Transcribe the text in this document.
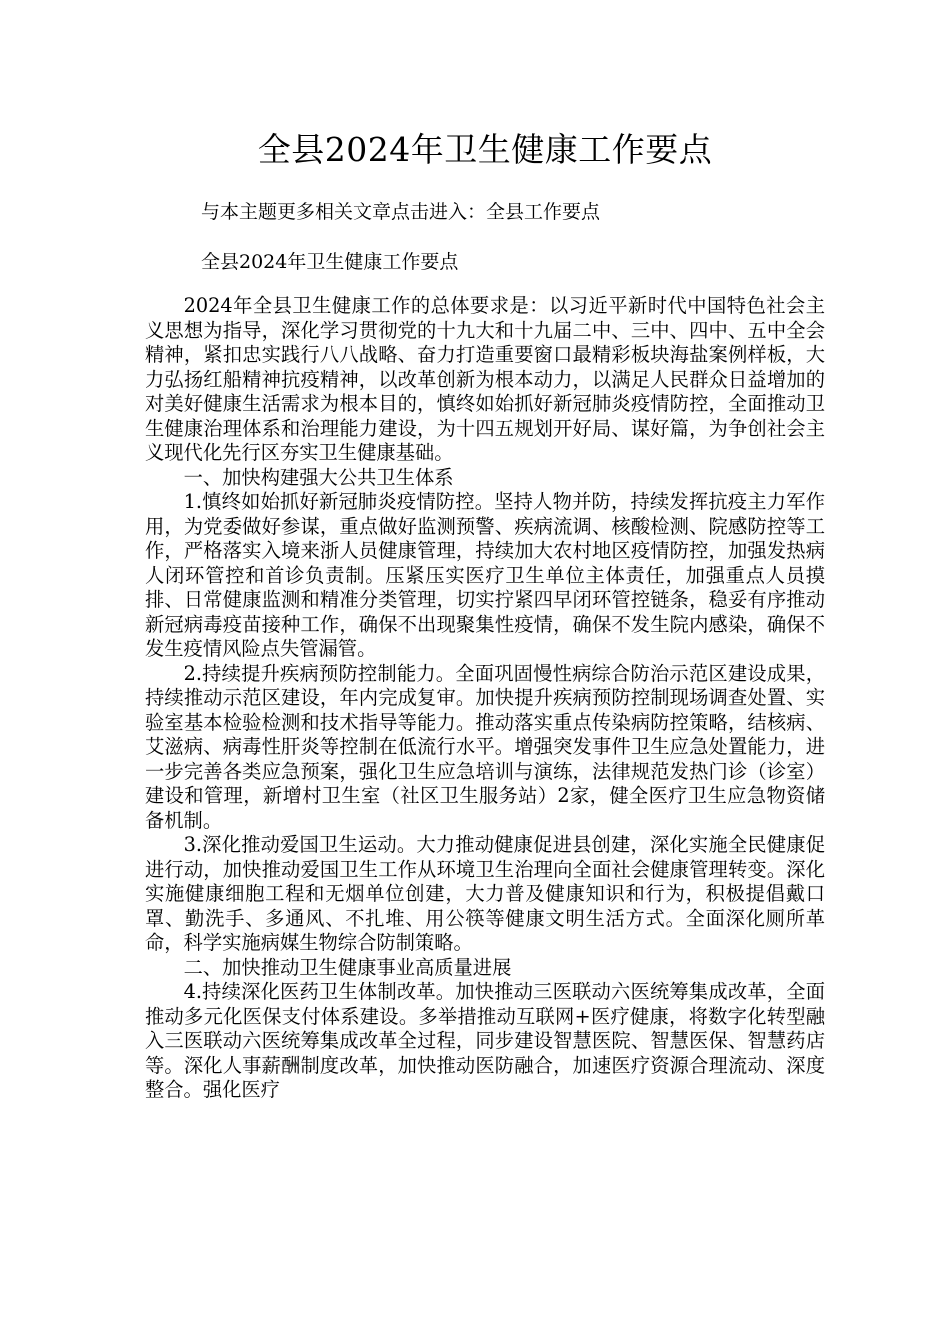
全县2024年卫生健康工作要点
与本主题更多相关文章点击进入：全县工作要点
全县2024年卫生健康工作要点

2024年全县卫生健康工作的总体要求是：以习近平新时代中国特色社会主义思想为指导，深化学习贯彻党的十九大和十九届二中、三中、四中、五中全会精神，紧扣忠实践行八八战略、奋力打造重要窗口最精彩板块海盐案例样板，大力弘扬红船精神抗疫精神，以改革创新为根本动力，以满足人民群众日益增加的对美好健康生活需求为根本目的，慎终如始抓好新冠肺炎疫情防控，全面推动卫生健康治理体系和治理能力建设，为十四五规划开好局、谋好篇，为争创社会主义现代化先行区夯实卫生健康基础。

一、加快构建强大公共卫生体系

1.慎终如始抓好新冠肺炎疫情防控。坚持人物并防，持续发挥抗疫主力军作用，为党委做好参谋，重点做好监测预警、疾病流调、核酸检测、院感防控等工作，严格落实入境来浙人员健康管理，持续加大农村地区疫情防控，加强发热病人闭环管控和首诊负责制。压紧压实医疗卫生单位主体责任，加强重点人员摸排、日常健康监测和精准分类管理，切实拧紧四早闭环管控链条，稳妥有序推动新冠病毒疫苗接种工作，确保不出现聚集性疫情，确保不发生院内感染，确保不发生疫情风险点失管漏管。

2.持续提升疾病预防控制能力。全面巩固慢性病综合防治示范区建设成果，持续推动示范区建设，年内完成复审。加快提升疾病预防控制现场调查处置、实验室基本检验检测和技术指导等能力。推动落实重点传染病防控策略，结核病、艾滋病、病毒性肝炎等控制在低流行水平。增强突发事件卫生应急处置能力，进一步完善各类应急预案，强化卫生应急培训与演练，法律规范发热门诊（诊室）建设和管理，新增村卫生室（社区卫生服务站）2家，健全医疗卫生应急物资储备机制。

3.深化推动爱国卫生运动。大力推动健康促进县创建，深化实施全民健康促进行动，加快推动爱国卫生工作从环境卫生治理向全面社会健康管理转变。深化实施健康细胞工程和无烟单位创建，大力普及健康知识和行为，积极提倡戴口罩、勤洗手、多通风、不扎堆、用公筷等健康文明生活方式。全面深化厕所革命，科学实施病媒生物综合防制策略。

二、加快推动卫生健康事业高质量进展

4.持续深化医药卫生体制改革。加快推动三医联动六医统筹集成改革，全面推动多元化医保支付体系建设。多举措推动互联网+医疗健康，将数字化转型融入三医联动六医统筹集成改革全过程，同步建设智慧医院、智慧医保、智慧药店等。深化人事薪酬制度改革，加快推动医防融合，加速医疗资源合理流动、深度整合。强化医疗
